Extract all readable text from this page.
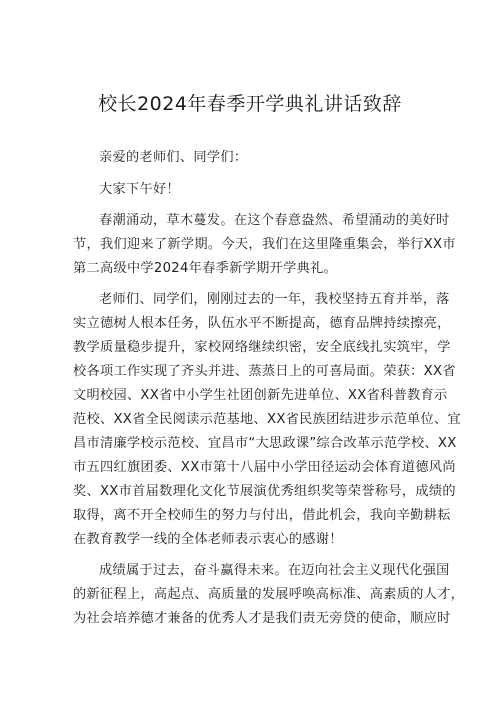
校长2024年春季开学典礼讲话致辞
亲爱的老师们、同学们：
大家下午好！
春潮涌动，草木蔓发。在这个春意盎然、希望涌动的美好时
节，我们迎来了新学期。今天，我们在这里隆重集会，举行XX市
第二高级中学2024年春季新学期开学典礼。
老师们、同学们，刚刚过去的一年，我校坚持五育并举，落
实立德树人根本任务，队伍水平不断提高，德育品牌持续擦亮，
教学质量稳步提升，家校网络继续织密，安全底线扎实筑牢，学
校各项工作实现了齐头并进、蒸蒸日上的可喜局面。荣获：XX省
文明校园、XX省中小学生社团创新先进单位、XX省科普教育示
范校、XX省全民阅读示范基地、XX省民族团结进步示范单位、宜
昌市清廉学校示范校、宜昌市“大思政课”综合改革示范学校、XX
市五四红旗团委、XX市第十八届中小学田径运动会体育道德风尚
奖、XX市首届数理化文化节展演优秀组织奖等荣誉称号，成绩的
取得，离不开全校师生的努力与付出，借此机会，我向辛勤耕耘
在教育教学一线的全体老师表示衷心的感谢！
成绩属于过去，奋斗赢得未来。在迈向社会主义现代化强国
的新征程上，高起点、高质量的发展呼唤高标准、高素质的人才，
为社会培养德才兼备的优秀人才是我们责无旁贷的使命，顺应时
